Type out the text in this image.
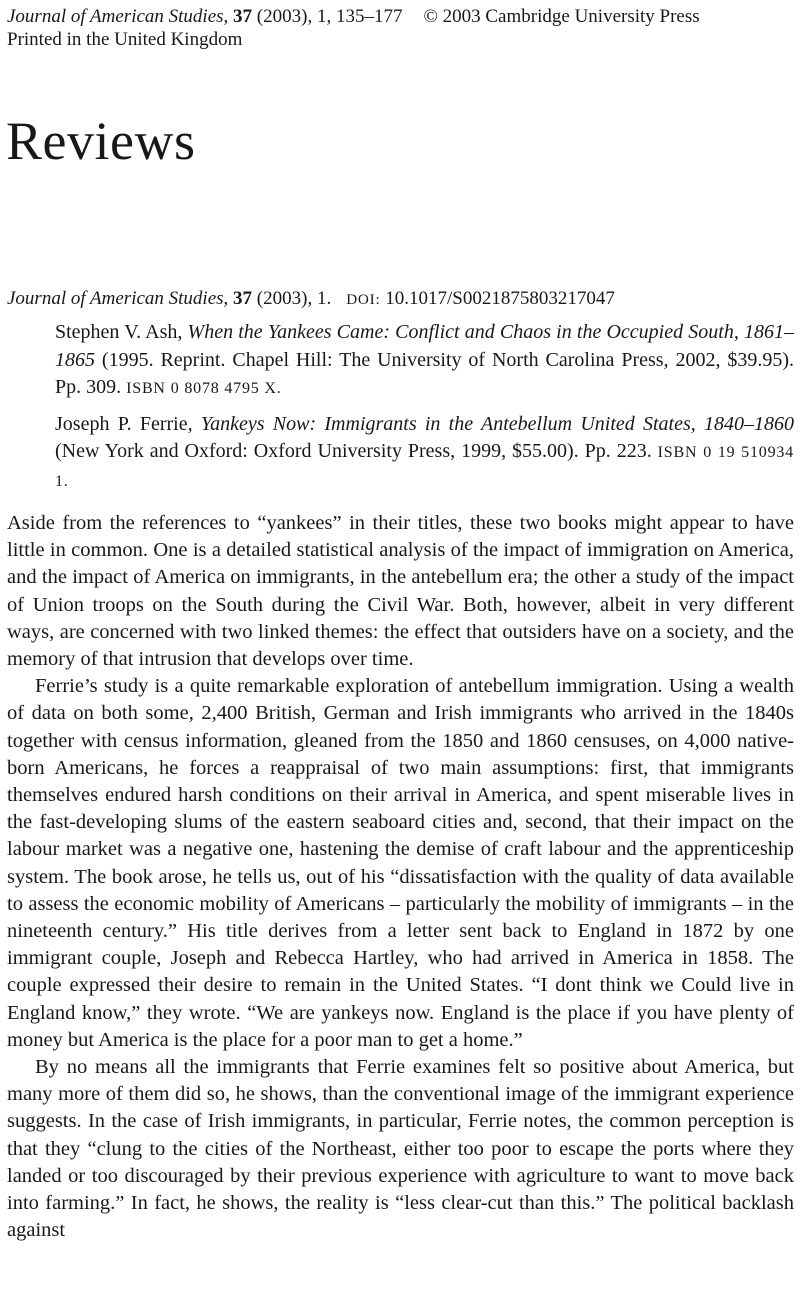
Journal of American Studies, 37 (2003), 1, 135–177 © 2003 Cambridge University Press
Printed in the United Kingdom
Reviews
Journal of American Studies, 37 (2003), 1. DOI: 10.1017/S0021875803217047

Stephen V. Ash, When the Yankees Came: Conflict and Chaos in the Occupied South, 1861–1865 (1995. Reprint. Chapel Hill: The University of North Carolina Press, 2002, $39.95). Pp. 309. ISBN 0 8078 4795 X.

Joseph P. Ferrie, Yankeys Now: Immigrants in the Antebellum United States, 1840–1860 (New York and Oxford: Oxford University Press, 1999, $55.00). Pp. 223. ISBN 0 19 510934 1.

Aside from the references to “yankees” in their titles, these two books might appear to have little in common. One is a detailed statistical analysis of the impact of immigration on America, and the impact of America on immigrants, in the antebellum era; the other a study of the impact of Union troops on the South during the Civil War. Both, however, albeit in very different ways, are concerned with two linked themes: the effect that outsiders have on a society, and the memory of that intrusion that develops over time.

Ferrie’s study is a quite remarkable exploration of antebellum immigration. Using a wealth of data on both some, 2,400 British, German and Irish immigrants who arrived in the 1840s together with census information, gleaned from the 1850 and 1860 censuses, on 4,000 native-born Americans, he forces a reappraisal of two main assumptions: first, that immigrants themselves endured harsh conditions on their arrival in America, and spent miserable lives in the fast-developing slums of the eastern seaboard cities and, second, that their impact on the labour market was a negative one, hastening the demise of craft labour and the apprenticeship system. The book arose, he tells us, out of his “dissatisfaction with the quality of data available to assess the economic mobility of Americans – particularly the mobility of immigrants – in the nineteenth century.” His title derives from a letter sent back to England in 1872 by one immigrant couple, Joseph and Rebecca Hartley, who had arrived in America in 1858. The couple expressed their desire to remain in the United States. “I dont think we Could live in England know,” they wrote. “We are yankeys now. England is the place if you have plenty of money but America is the place for a poor man to get a home.”

By no means all the immigrants that Ferrie examines felt so positive about America, but many more of them did so, he shows, than the conventional image of the immigrant experience suggests. In the case of Irish immigrants, in particular, Ferrie notes, the common perception is that they “clung to the cities of the Northeast, either too poor to escape the ports where they landed or too discouraged by their previous experience with agriculture to want to move back into farming.” In fact, he shows, the reality is “less clear-cut than this.” The political backlash against
